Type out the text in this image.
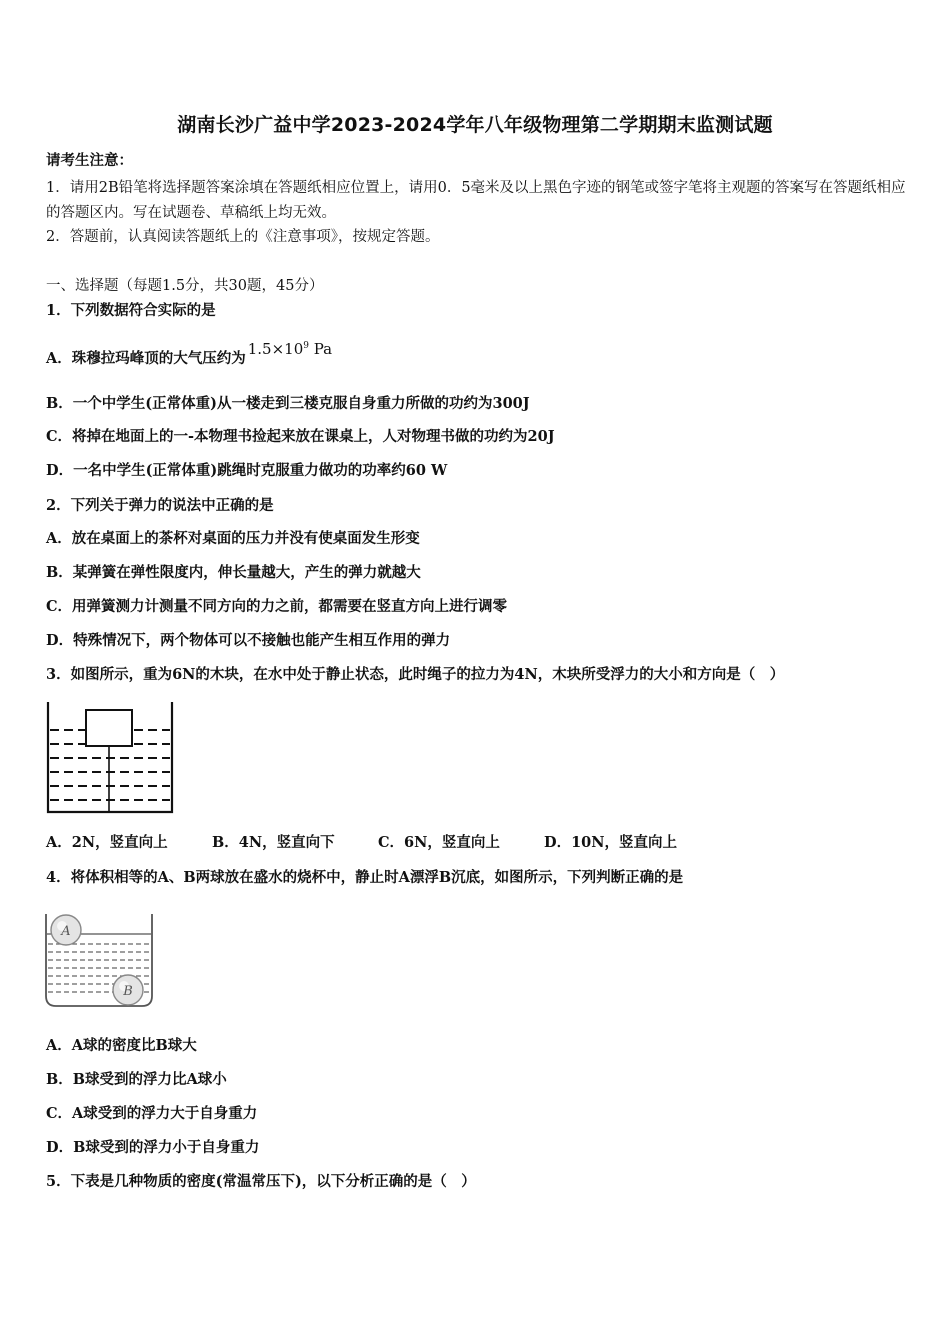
湖南长沙广益中学2023-2024学年八年级物理第二学期期末监测试题
请考生注意：
1．请用2B铅笔将选择题答案涂填在答题纸相应位置上，请用0．5毫米及以上黑色字迹的钢笔或签字笔将主观题的答案写在答题纸相应的答题区内。写在试题卷、草稿纸上均无效。
2．答题前，认真阅读答题纸上的《注意事项》，按规定答题。
一、选择题（每题1.5分，共30题，45分）
1．下列数据符合实际的是
A．珠穆拉玛峰顶的大气压约为$1.5\times 10^9$ Pa
B．一个中学生(正常体重)从一楼走到三楼克服自身重力所做的功约为300J
C．将掉在地面上的一-本物理书捡起来放在课桌上，人对物理书做的功约为20J
D．一名中学生(正常体重)跳绳时克服重力做功的功率约60 W
2．下列关于弹力的说法中正确的是
A．放在桌面上的茶杯对桌面的压力并没有使桌面发生形变
B．某弹簧在弹性限度内，伸长量越大，产生的弹力就越大
C．用弹簧测力计测量不同方向的力之前，都需要在竖直方向上进行调零
D．特殊情况下，两个物体可以不接触也能产生相互作用的弹力
3．如图所示，重为6N的木块，在水中处于静止状态，此时绳子的拉力为4N，木块所受浮力的大小和方向是（　）
A．2N，竖直向上	B．4N，竖直向下	C．6N，竖直向上	D．10N，竖直向上
4．将体积相等的A、B两球放在盛水的烧杯中，静止时A漂浮B沉底，如图所示，下列判断正确的是
A
B
A．A球的密度比B球大
B．B球受到的浮力比A球小
C．A球受到的浮力大于自身重力
D．B球受到的浮力小于自身重力
5．下表是几种物质的密度(常温常压下)，以下分析正确的是（　）
